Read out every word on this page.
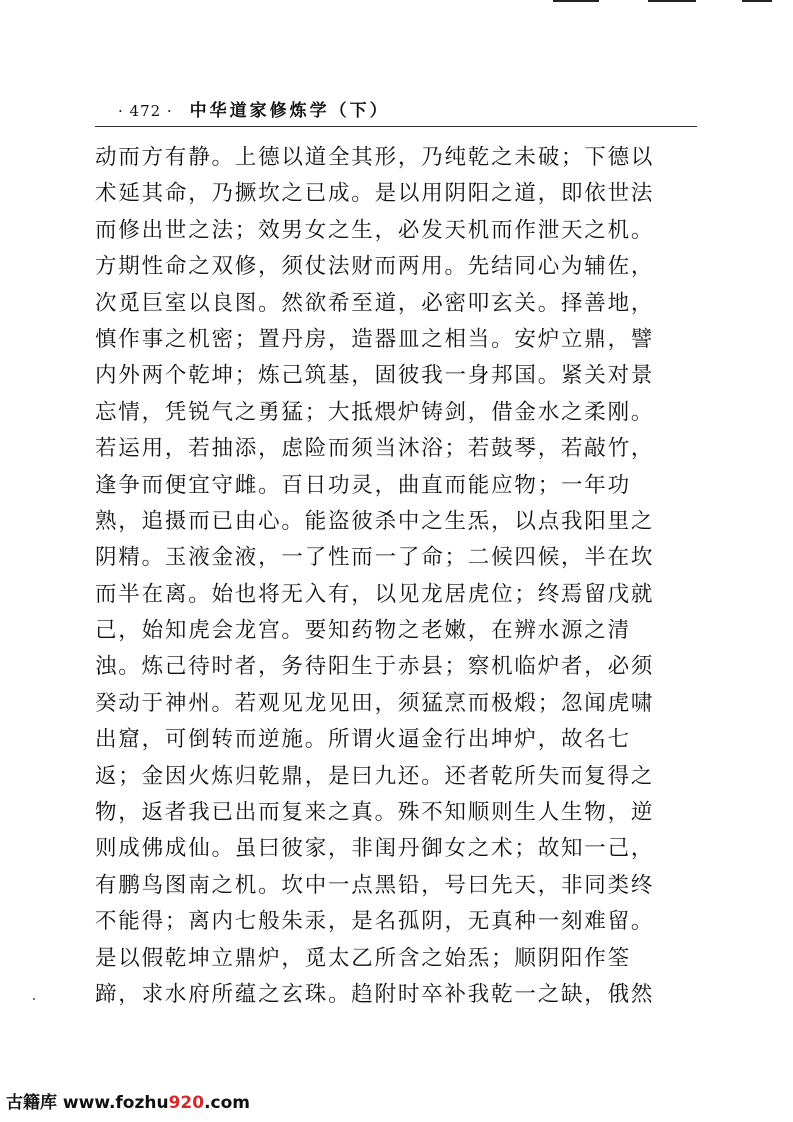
· 472 · 中华道家修炼学（下）
动而方有静。上德以道全其形，乃纯乾之未破；下德以
术延其命，乃撅坎之已成。是以用阴阳之道，即依世法
而修出世之法；效男女之生，必发天机而作泄天之机。
方期性命之双修，须仗法财而两用。先结同心为辅佐，
次觅巨室以良图。然欲希至道，必密叩玄关。择善地，
慎作事之机密；置丹房，造器皿之相当。安炉立鼎，譬
内外两个乾坤；炼己筑基，固彼我一身邦国。紧关对景
忘情，凭锐气之勇猛；大抵煨炉铸剑，借金水之柔刚。
若运用，若抽添，虑险而须当沐浴；若鼓琴，若敲竹，
逢争而便宜守雌。百日功灵，曲直而能应物；一年功
熟，追摄而已由心。能盗彼杀中之生炁，以点我阳里之
阴精。玉液金液，一了性而一了命；二候四候，半在坎
而半在离。始也将无入有，以见龙居虎位；终焉留戊就
己，始知虎会龙宫。要知药物之老嫩，在辨水源之清
浊。炼己待时者，务待阳生于赤县；察机临炉者，必须
癸动于神州。若观见龙见田，须猛烹而极煅；忽闻虎啸
出窟，可倒转而逆施。所谓火逼金行出坤炉，故名七
返；金因火炼归乾鼎，是曰九还。还者乾所失而复得之
物，返者我已出而复来之真。殊不知顺则生人生物，逆
则成佛成仙。虽曰彼家，非闺丹御女之术；故知一己，
有鹏鸟图南之机。坎中一点黑铅，号曰先天，非同类终
不能得；离内七般朱汞，是名孤阴，无真种一刻难留。
是以假乾坤立鼎炉，觅太乙所含之始炁；顺阴阳作筌
蹄，求水府所蕴之玄珠。趋附时卒补我乾一之缺，俄然
古籍库 www.fozhu920.com
